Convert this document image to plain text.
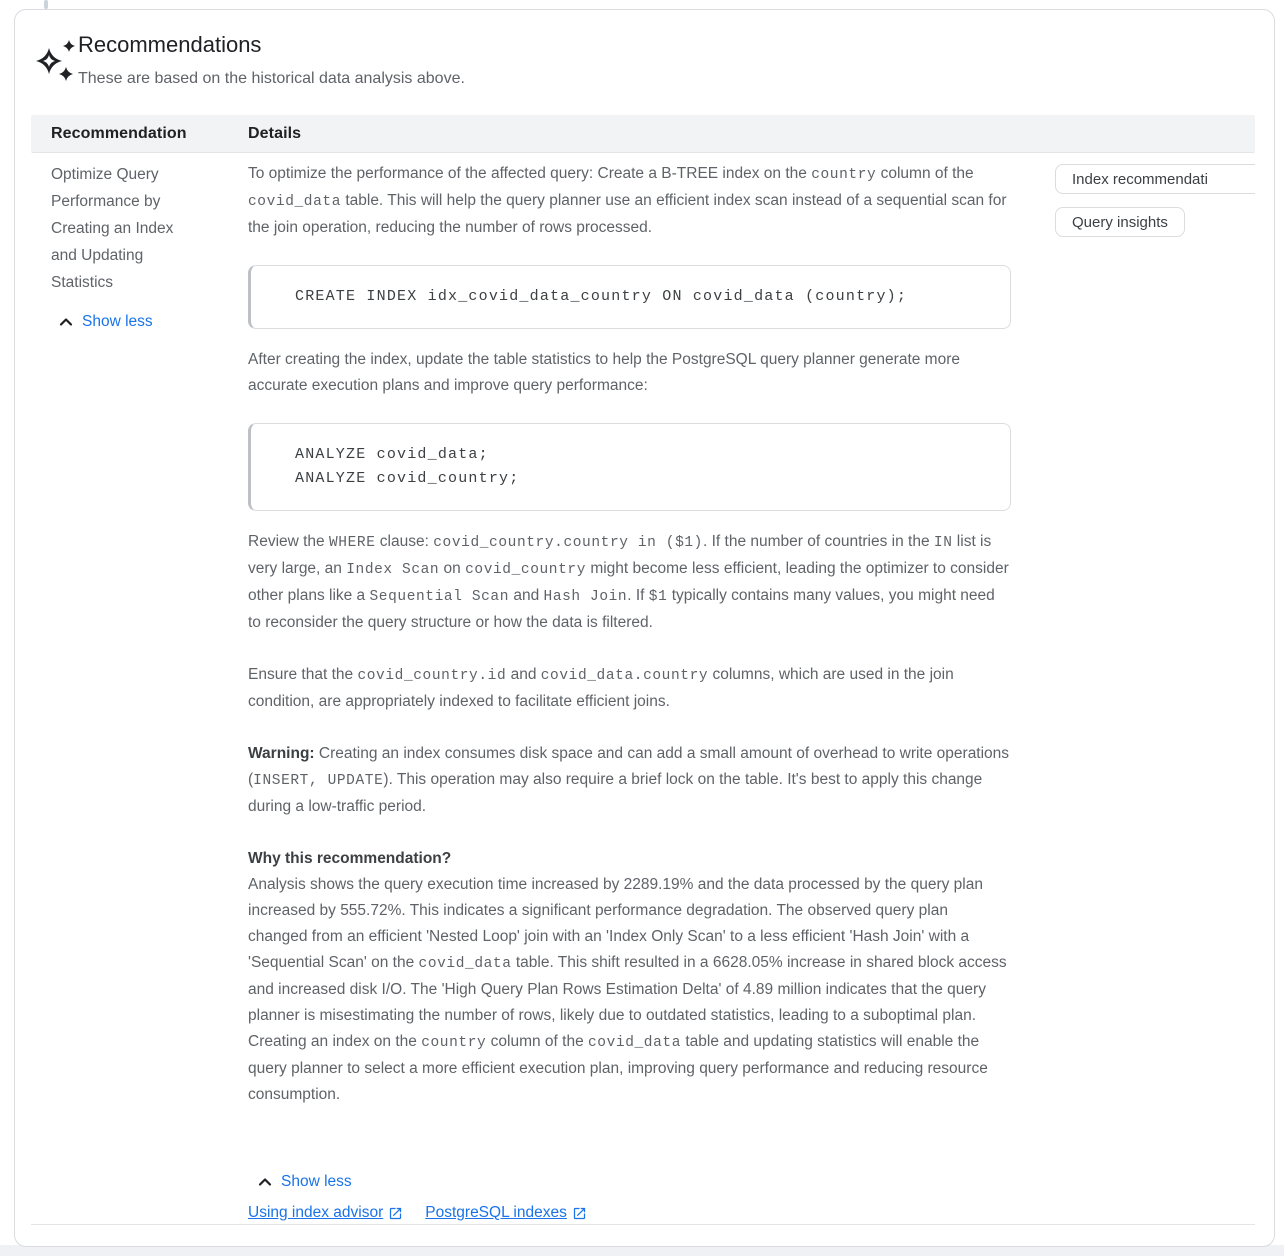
Recommendations
These are based on the historical data analysis above.
Recommendation	Details
Optimize Query Performance by Creating an Index and Updating Statistics
Show less
To optimize the performance of the affected query: Create a B-TREE index on the country column of the covid_data table. This will help the query planner use an efficient index scan instead of a sequential scan for the join operation, reducing the number of rows processed.
CREATE INDEX idx_covid_data_country ON covid_data (country);
After creating the index, update the table statistics to help the PostgreSQL query planner generate more accurate execution plans and improve query performance:
ANALYZE covid_data;
ANALYZE covid_country;
Review the WHERE clause: covid_country.country in ($1). If the number of countries in the IN list is very large, an Index Scan on covid_country might become less efficient, leading the optimizer to consider other plans like a Sequential Scan and Hash Join. If $1 typically contains many values, you might need to reconsider the query structure or how the data is filtered.
Ensure that the covid_country.id and covid_data.country columns, which are used in the join condition, are appropriately indexed to facilitate efficient joins.
Warning: Creating an index consumes disk space and can add a small amount of overhead to write operations (INSERT, UPDATE). This operation may also require a brief lock on the table. It's best to apply this change during a low-traffic period.
Why this recommendation?
Analysis shows the query execution time increased by 2289.19% and the data processed by the query plan increased by 555.72%. This indicates a significant performance degradation. The observed query plan changed from an efficient 'Nested Loop' join with an 'Index Only Scan' to a less efficient 'Hash Join' with a 'Sequential Scan' on the covid_data table. This shift resulted in a 6628.05% increase in shared block access and increased disk I/O. The 'High Query Plan Rows Estimation Delta' of 4.89 million indicates that the query planner is misestimating the number of rows, likely due to outdated statistics, leading to a suboptimal plan. Creating an index on the country column of the covid_data table and updating statistics will enable the query planner to select a more efficient execution plan, improving query performance and reducing resource consumption.
Show less
Using index advisor	PostgreSQL indexes
Index recommendati
Query insights
